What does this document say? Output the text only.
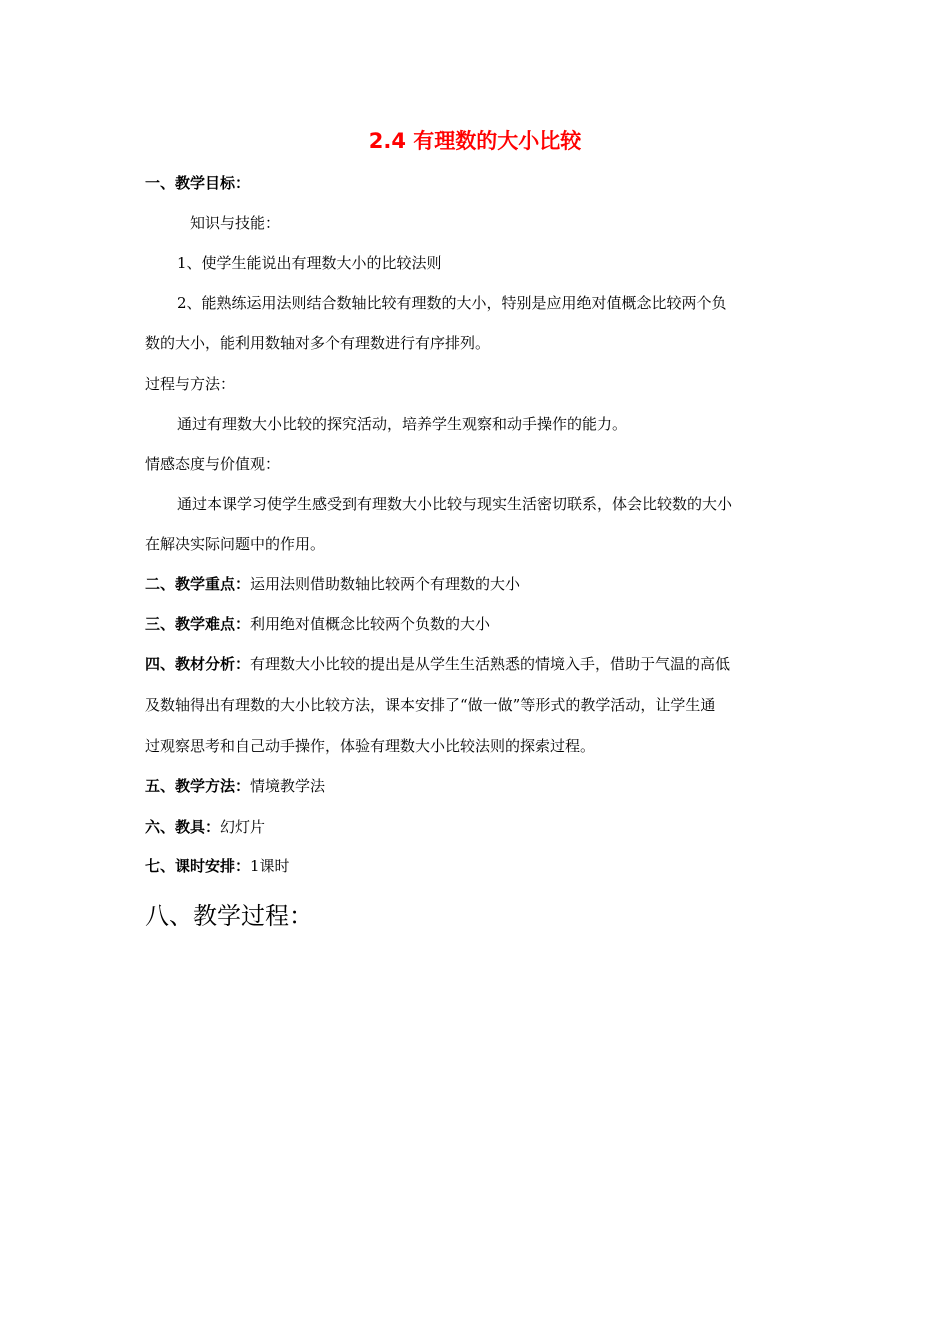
2.4 有理数的大小比较
一、教学目标：
知识与技能：
1、使学生能说出有理数大小的比较法则
2、能熟练运用法则结合数轴比较有理数的大小，特别是应用绝对值概念比较两个负
数的大小，能利用数轴对多个有理数进行有序排列。
过程与方法：
通过有理数大小比较的探究活动，培养学生观察和动手操作的能力。
情感态度与价值观：
通过本课学习使学生感受到有理数大小比较与现实生活密切联系，体会比较数的大小
在解决实际问题中的作用。
二、教学重点：运用法则借助数轴比较两个有理数的大小
三、教学难点：利用绝对值概念比较两个负数的大小
四、教材分析：有理数大小比较的提出是从学生生活熟悉的情境入手，借助于气温的高低
及数轴得出有理数的大小比较方法，课本安排了“做一做”等形式的教学活动，让学生通
过观察思考和自己动手操作，体验有理数大小比较法则的探索过程。
五、教学方法：情境教学法
六、教具：幻灯片
七、课时安排：1课时
八、教学过程：
